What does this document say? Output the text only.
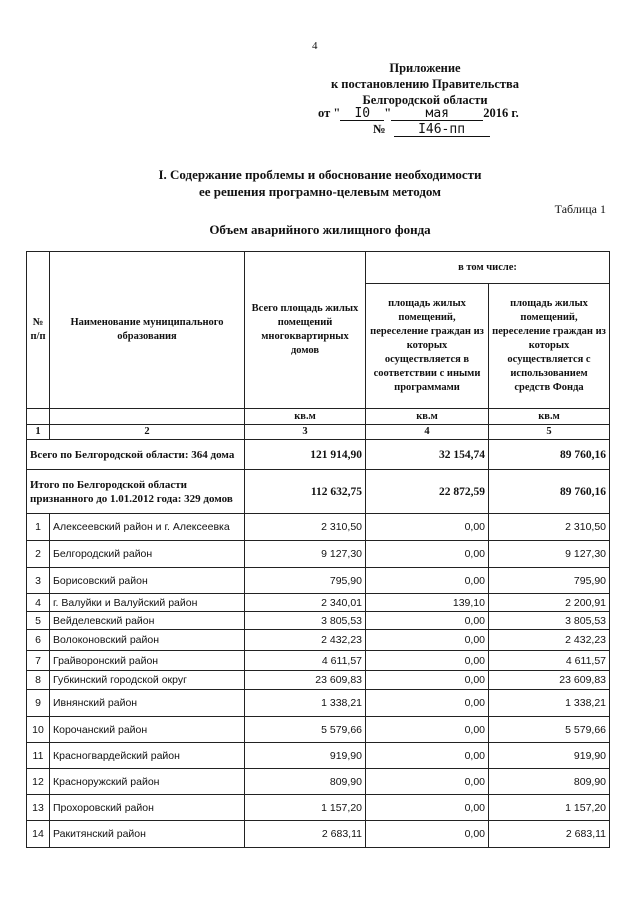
4
Приложение
к постановлению Правительства
Белгородской области
от " I0 "	мая	2016 г.
№	I46-пп
I. Содержание проблемы и обоснование необходимости
ее решения програмно-целевым методом
Таблица 1
Объем аварийного жилищного фонда
№ п/п	Наименование муниципального образования	Всего площадь жилых помещений многоквартирных домов	в том числе:	
			площадь жилых помещений, переселение граждан из которых осуществляется в соответствии с иными программами	площадь жилых помещений, переселение граждан из которых осуществляется с использованием средств Фонда
		кв.м	кв.м	кв.м
1	2	3	4	5
Всего по Белгородской области: 364 дома		121 914,90	32 154,74	89 760,16
Итого по Белгородской области признанного до 1.01.2012 года: 329 домов		112 632,75	22 872,59	89 760,16
1	Алексеевский район и г. Алексеевка	2 310,50	0,00	2 310,50
2	Белгородский район	9 127,30	0,00	9 127,30
3	Борисовский район	795,90	0,00	795,90
4	г. Валуйки и Валуйский район	2 340,01	139,10	2 200,91
5	Вейделевский район	3 805,53	0,00	3 805,53
6	Волоконовский район	2 432,23	0,00	2 432,23
7	Грайворонский район	4 611,57	0,00	4 611,57
8	Губкинский городской округ	23 609,83	0,00	23 609,83
9	Ивнянский район	1 338,21	0,00	1 338,21
10	Корочанский район	5 579,66	0,00	5 579,66
11	Красногвардейский район	919,90	0,00	919,90
12	Красноружский район	809,90	0,00	809,90
13	Прохоровский район	1 157,20	0,00	1 157,20
14	Ракитянский район	2 683,11	0,00	2 683,11
